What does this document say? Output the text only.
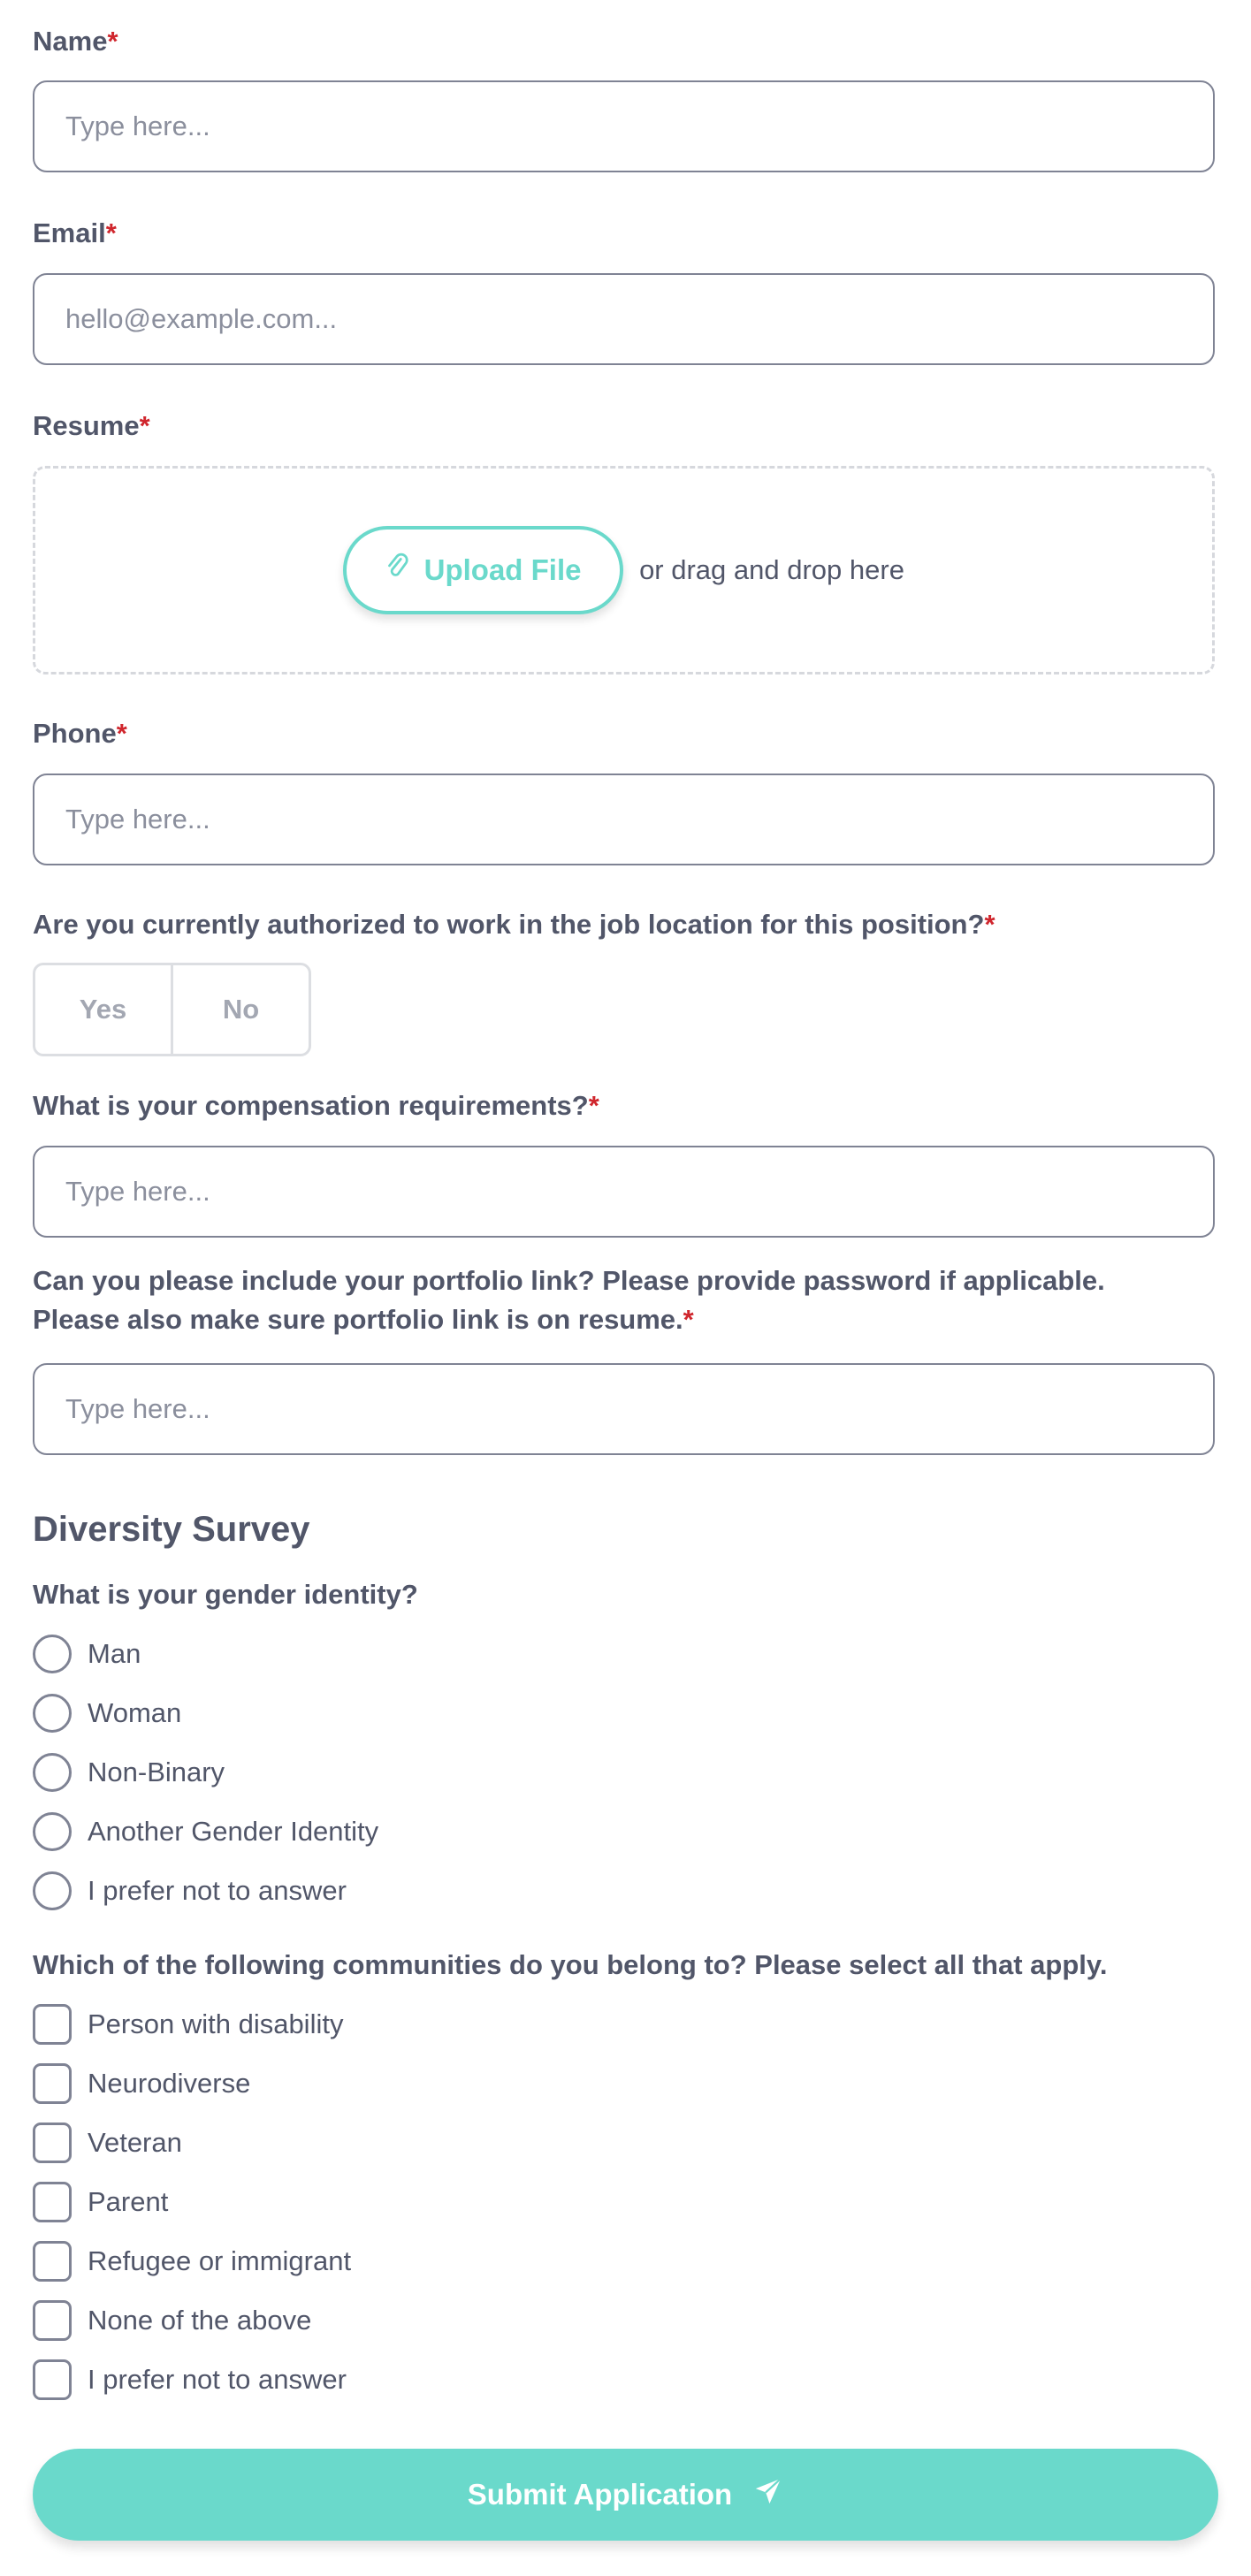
Name*
Type here...
Email*
hello@example.com...
Resume*
Upload File or drag and drop here
Phone*
Type here...
Are you currently authorized to work in the job location for this position?*
Yes	No
What is your compensation requirements?*
Type here...
Can you please include your portfolio link? Please provide password if applicable.
Please also make sure portfolio link is on resume.*
Type here...
Diversity Survey
What is your gender identity?
Man
Woman
Non-Binary
Another Gender Identity
I prefer not to answer
Which of the following communities do you belong to? Please select all that apply.
Person with disability
Neurodiverse
Veteran
Parent
Refugee or immigrant
None of the above
I prefer not to answer
Submit Application
